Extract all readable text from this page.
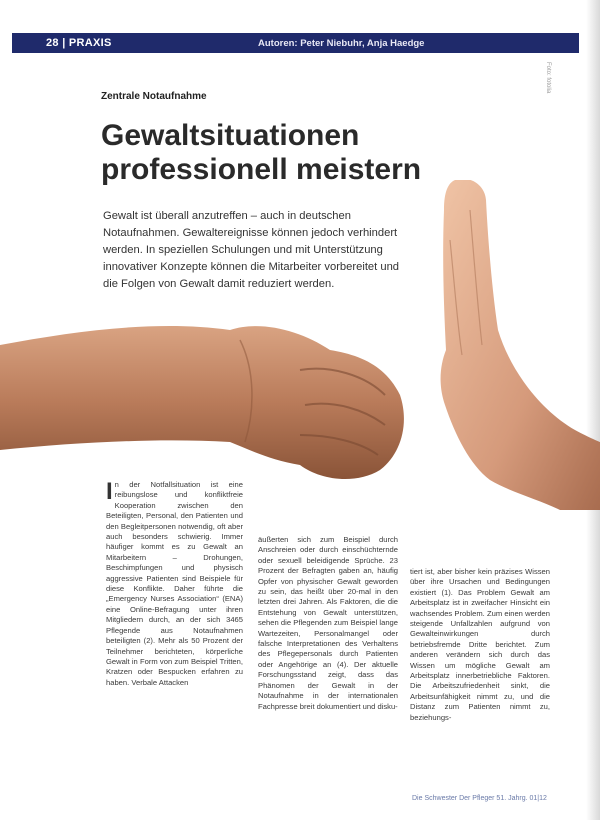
28 | PRAXIS	Autoren: Peter Niebuhr, Anja Haedge
Foto: fotolia
Zentrale Notaufnahme
Gewaltsituationen
professionell meistern

Gewalt ist überall anzutreffen – auch in deutschen Notaufnahmen. Gewaltereignisse können jedoch verhindert werden. In speziellen Schulungen und mit Unterstützung innovativer Konzepte können die Mitarbeiter vorbereitet und die Folgen von Gewalt damit reduziert werden.

I n der Notfallsituation ist eine reibungslose und konfliktfreie Kooperation zwischen den Beteiligten, Personal, den Patienten und den Begleitpersonen notwendig, oft aber auch besonders schwierig. Immer häufiger kommt es zu Gewalt an Mitarbeitern – Drohungen, Beschimpfungen und physisch aggressive Patienten sind Beispiele für diese Konflikte. Daher führte die „Emergency Nurses Association“ (ENA) eine Online-Befragung unter ihren Mitgliedern durch, an der sich 3465 Pflegende aus Notaufnahmen beteiligten (2). Mehr als 50 Prozent der Teilnehmer berichteten, körperliche Gewalt in Form von zum Beispiel Tritten, Kratzen oder Bespucken erfahren zu haben. Verbale Attacken

äußerten sich zum Beispiel durch Anschreien oder durch einschüchternde oder sexuell beleidigende Sprüche. 23 Prozent der Befragten gaben an, häufig Opfer von physischer Gewalt geworden zu sein, das heißt über 20-mal in den letzten drei Jahren. Als Faktoren, die die Entstehung von Gewalt unterstützen, sehen die Pflegenden zum Beispiel lange Wartezeiten, Personalmangel oder falsche Interpretationen des Verhaltens des Pflegepersonals durch Patienten oder Angehörige an (4). Der aktuelle Forschungsstand zeigt, dass das Phänomen der Gewalt in der Notaufnahme in der internationalen Fachpresse breit dokumentiert und disku-

tiert ist, aber bisher kein präzises Wissen über ihre Ursachen und Bedingungen existiert (1). Das Problem Gewalt am Arbeitsplatz ist in zweifacher Hinsicht ein wachsendes Problem. Zum einen werden steigende Unfallzahlen aufgrund von Gewalteinwirkungen durch betriebsfremde Dritte berichtet. Zum anderen verändern sich durch das Wissen um mögliche Gewalt am Arbeitsplatz innerbetriebliche Faktoren. Die Arbeitszufriedenheit sinkt, die Arbeitsunfähigkeit nimmt zu, und die Distanz zum Patienten nimmt zu, beziehungs-

Die Schwester Der Pfleger 51. Jahrg. 01|12
